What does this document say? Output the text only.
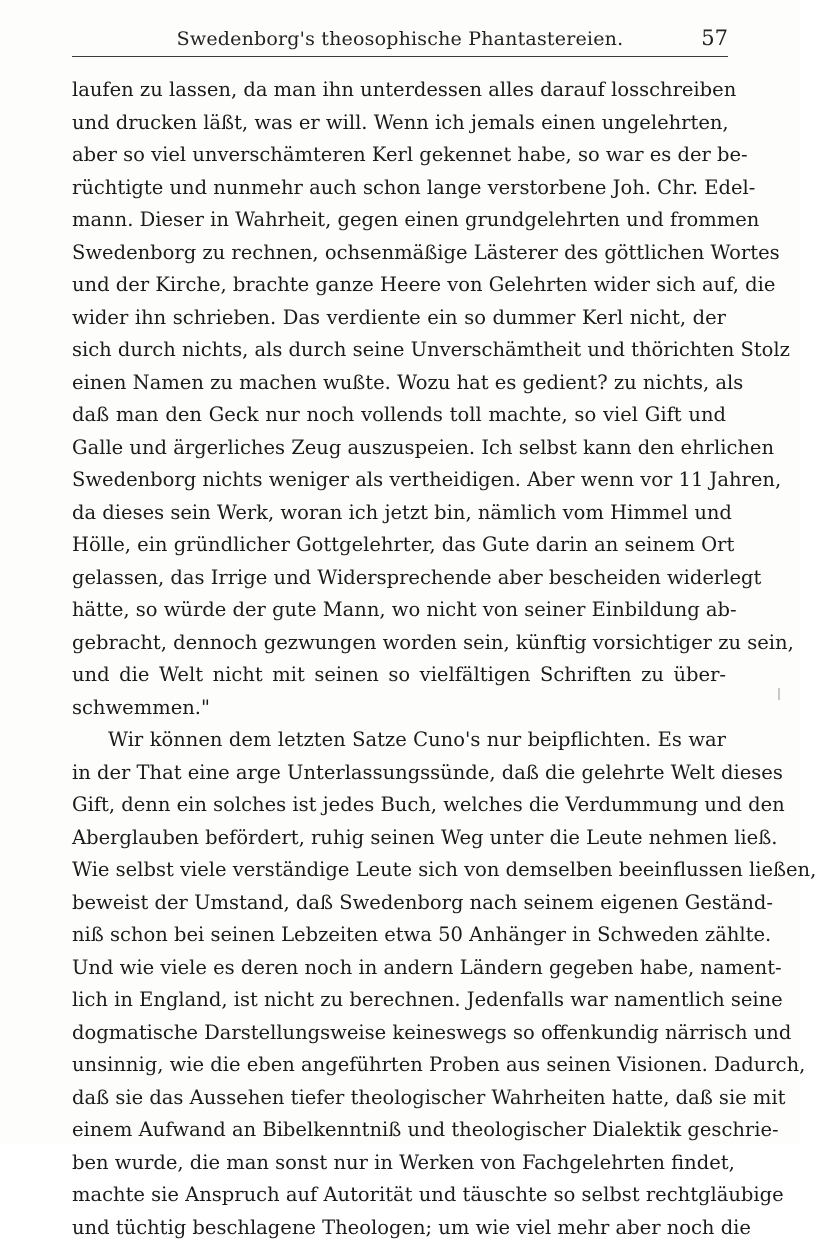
Swedenborg's theosophische Phantastereien.	57
laufen zu lassen, da man ihn unterdessen alles darauf losschreiben
und drucken läßt, was er will. Wenn ich jemals einen ungelehrten,
aber so viel unverschämteren Kerl gekennet habe, so war es der be-
rüchtigte und nunmehr auch schon lange verstorbene Joh. Chr. Edel-
mann. Dieser in Wahrheit, gegen einen grundgelehrten und frommen
Swedenborg zu rechnen, ochsenmäßige Lästerer des göttlichen Wortes
und der Kirche, brachte ganze Heere von Gelehrten wider sich auf, die
wider ihn schrieben. Das verdiente ein so dummer Kerl nicht, der
sich durch nichts, als durch seine Unverschämtheit und thörichten Stolz
einen Namen zu machen wußte. Wozu hat es gedient? zu nichts, als
daß man den Geck nur noch vollends toll machte, so viel Gift und
Galle und ärgerliches Zeug auszuspeien. Ich selbst kann den ehrlichen
Swedenborg nichts weniger als vertheidigen. Aber wenn vor 11 Jahren,
da dieses sein Werk, woran ich jetzt bin, nämlich vom Himmel und
Hölle, ein gründlicher Gottgelehrter, das Gute darin an seinem Ort
gelassen, das Irrige und Widersprechende aber bescheiden widerlegt
hätte, so würde der gute Mann, wo nicht von seiner Einbildung ab-
gebracht, dennoch gezwungen worden sein, künftig vorsichtiger zu sein,
und die Welt nicht mit seinen so vielfältigen Schriften zu über-
schwemmen."
Wir können dem letzten Satze Cuno's nur beipflichten. Es war
in der That eine arge Unterlassungssünde, daß die gelehrte Welt dieses
Gift, denn ein solches ist jedes Buch, welches die Verdummung und den
Aberglauben befördert, ruhig seinen Weg unter die Leute nehmen ließ.
Wie selbst viele verständige Leute sich von demselben beeinflussen ließen,
beweist der Umstand, daß Swedenborg nach seinem eigenen Geständ-
niß schon bei seinen Lebzeiten etwa 50 Anhänger in Schweden zählte.
Und wie viele es deren noch in andern Ländern gegeben habe, nament-
lich in England, ist nicht zu berechnen. Jedenfalls war namentlich seine
dogmatische Darstellungsweise keineswegs so offenkundig närrisch und
unsinnig, wie die eben angeführten Proben aus seinen Visionen. Dadurch,
daß sie das Aussehen tiefer theologischer Wahrheiten hatte, daß sie mit
einem Aufwand an Bibelkenntniß und theologischer Dialektik geschrie-
ben wurde, die man sonst nur in Werken von Fachgelehrten findet,
machte sie Anspruch auf Autorität und täuschte so selbst rechtgläubige
und tüchtig beschlagene Theologen; um wie viel mehr aber noch die
